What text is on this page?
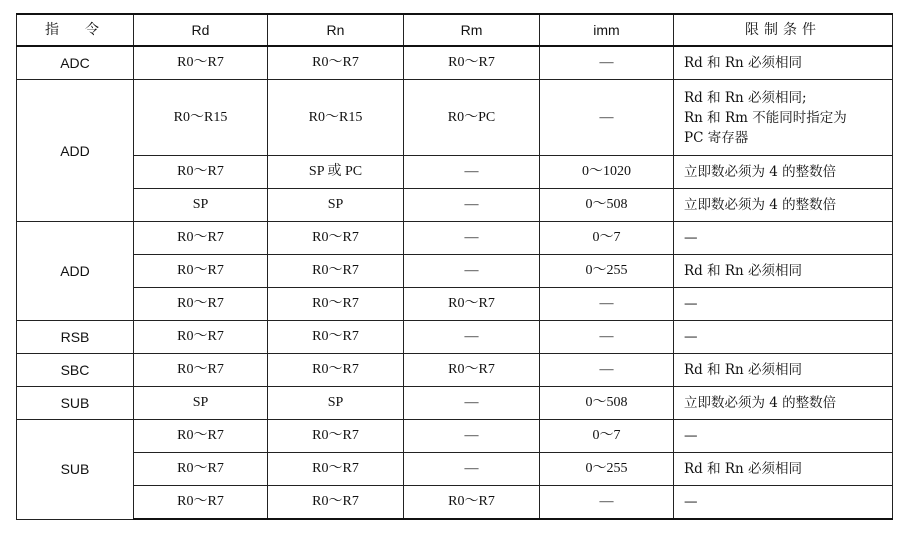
指　令	Rd	Rn	Rm	imm	限制条件
ADC	R0～R7	R0～R7	R0～R7	—	Rd 和 Rn 必须相同
ADD	R0～R15	R0～R15	R0～PC	—	Rd 和 Rn 必须相同;
Rn 和 Rm 不能同时指定为
PC 寄存器

	R0～R7	SP 或 PC	—	0～1020	立即数必须为 4 的整数倍
	SP	SP	—	0～508	立即数必须为 4 的整数倍
ADD	R0～R7	R0～R7	—	0～7	—
	R0～R7	R0～R7	—	0～255	Rd 和 Rn 必须相同
	R0～R7	R0～R7	R0～R7	—	—
RSB	R0～R7	R0～R7	—	—	—
SBC	R0～R7	R0～R7	R0～R7	—	Rd 和 Rn 必须相同
SUB	SP	SP	—	0～508	立即数必须为 4 的整数倍
SUB	R0～R7	R0～R7	—	0～7	—
	R0～R7	R0～R7	—	0～255	Rd 和 Rn 必须相同
	R0～R7	R0～R7	R0～R7	—	—
